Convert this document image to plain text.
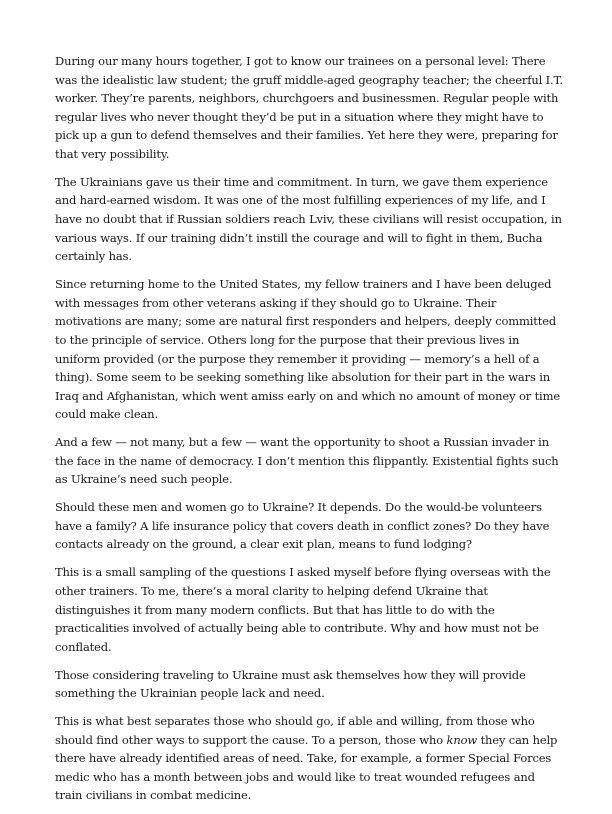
During our many hours together, I got to know our trainees on a personal level: There was the idealistic law student; the gruff middle-aged geography teacher; the cheerful I.T. worker. They’re parents, neighbors, churchgoers and businessmen. Regular people with regular lives who never thought they’d be put in a situation where they might have to pick up a gun to defend themselves and their families. Yet here they were, preparing for that very possibility.

The Ukrainians gave us their time and commitment. In turn, we gave them experience and hard-earned wisdom. It was one of the most fulfilling experiences of my life, and I have no doubt that if Russian soldiers reach Lviv, these civilians will resist occupation, in various ways. If our training didn’t instill the courage and will to fight in them, Bucha certainly has.

Since returning home to the United States, my fellow trainers and I have been deluged with messages from other veterans asking if they should go to Ukraine. Their motivations are many; some are natural first responders and helpers, deeply committed to the principle of service. Others long for the purpose that their previous lives in uniform provided (or the purpose they remember it providing — memory’s a hell of a thing). Some seem to be seeking something like absolution for their part in the wars in Iraq and Afghanistan, which went amiss early on and which no amount of money or time could make clean.

And a few — not many, but a few — want the opportunity to shoot a Russian invader in the face in the name of democracy. I don’t mention this flippantly. Existential fights such as Ukraine’s need such people.

Should these men and women go to Ukraine? It depends. Do the would-be volunteers have a family? A life insurance policy that covers death in conflict zones? Do they have contacts already on the ground, a clear exit plan, means to fund lodging?

This is a small sampling of the questions I asked myself before flying overseas with the other trainers. To me, there’s a moral clarity to helping defend Ukraine that distinguishes it from many modern conflicts. But that has little to do with the practicalities involved of actually being able to contribute. Why and how must not be conflated.

Those considering traveling to Ukraine must ask themselves how they will provide something the Ukrainian people lack and need.

This is what best separates those who should go, if able and willing, from those who should find other ways to support the cause. To a person, those who know they can help there have already identified areas of need. Take, for example, a former Special Forces medic who has a month between jobs and would like to treat wounded refugees and train civilians in combat medicine.
